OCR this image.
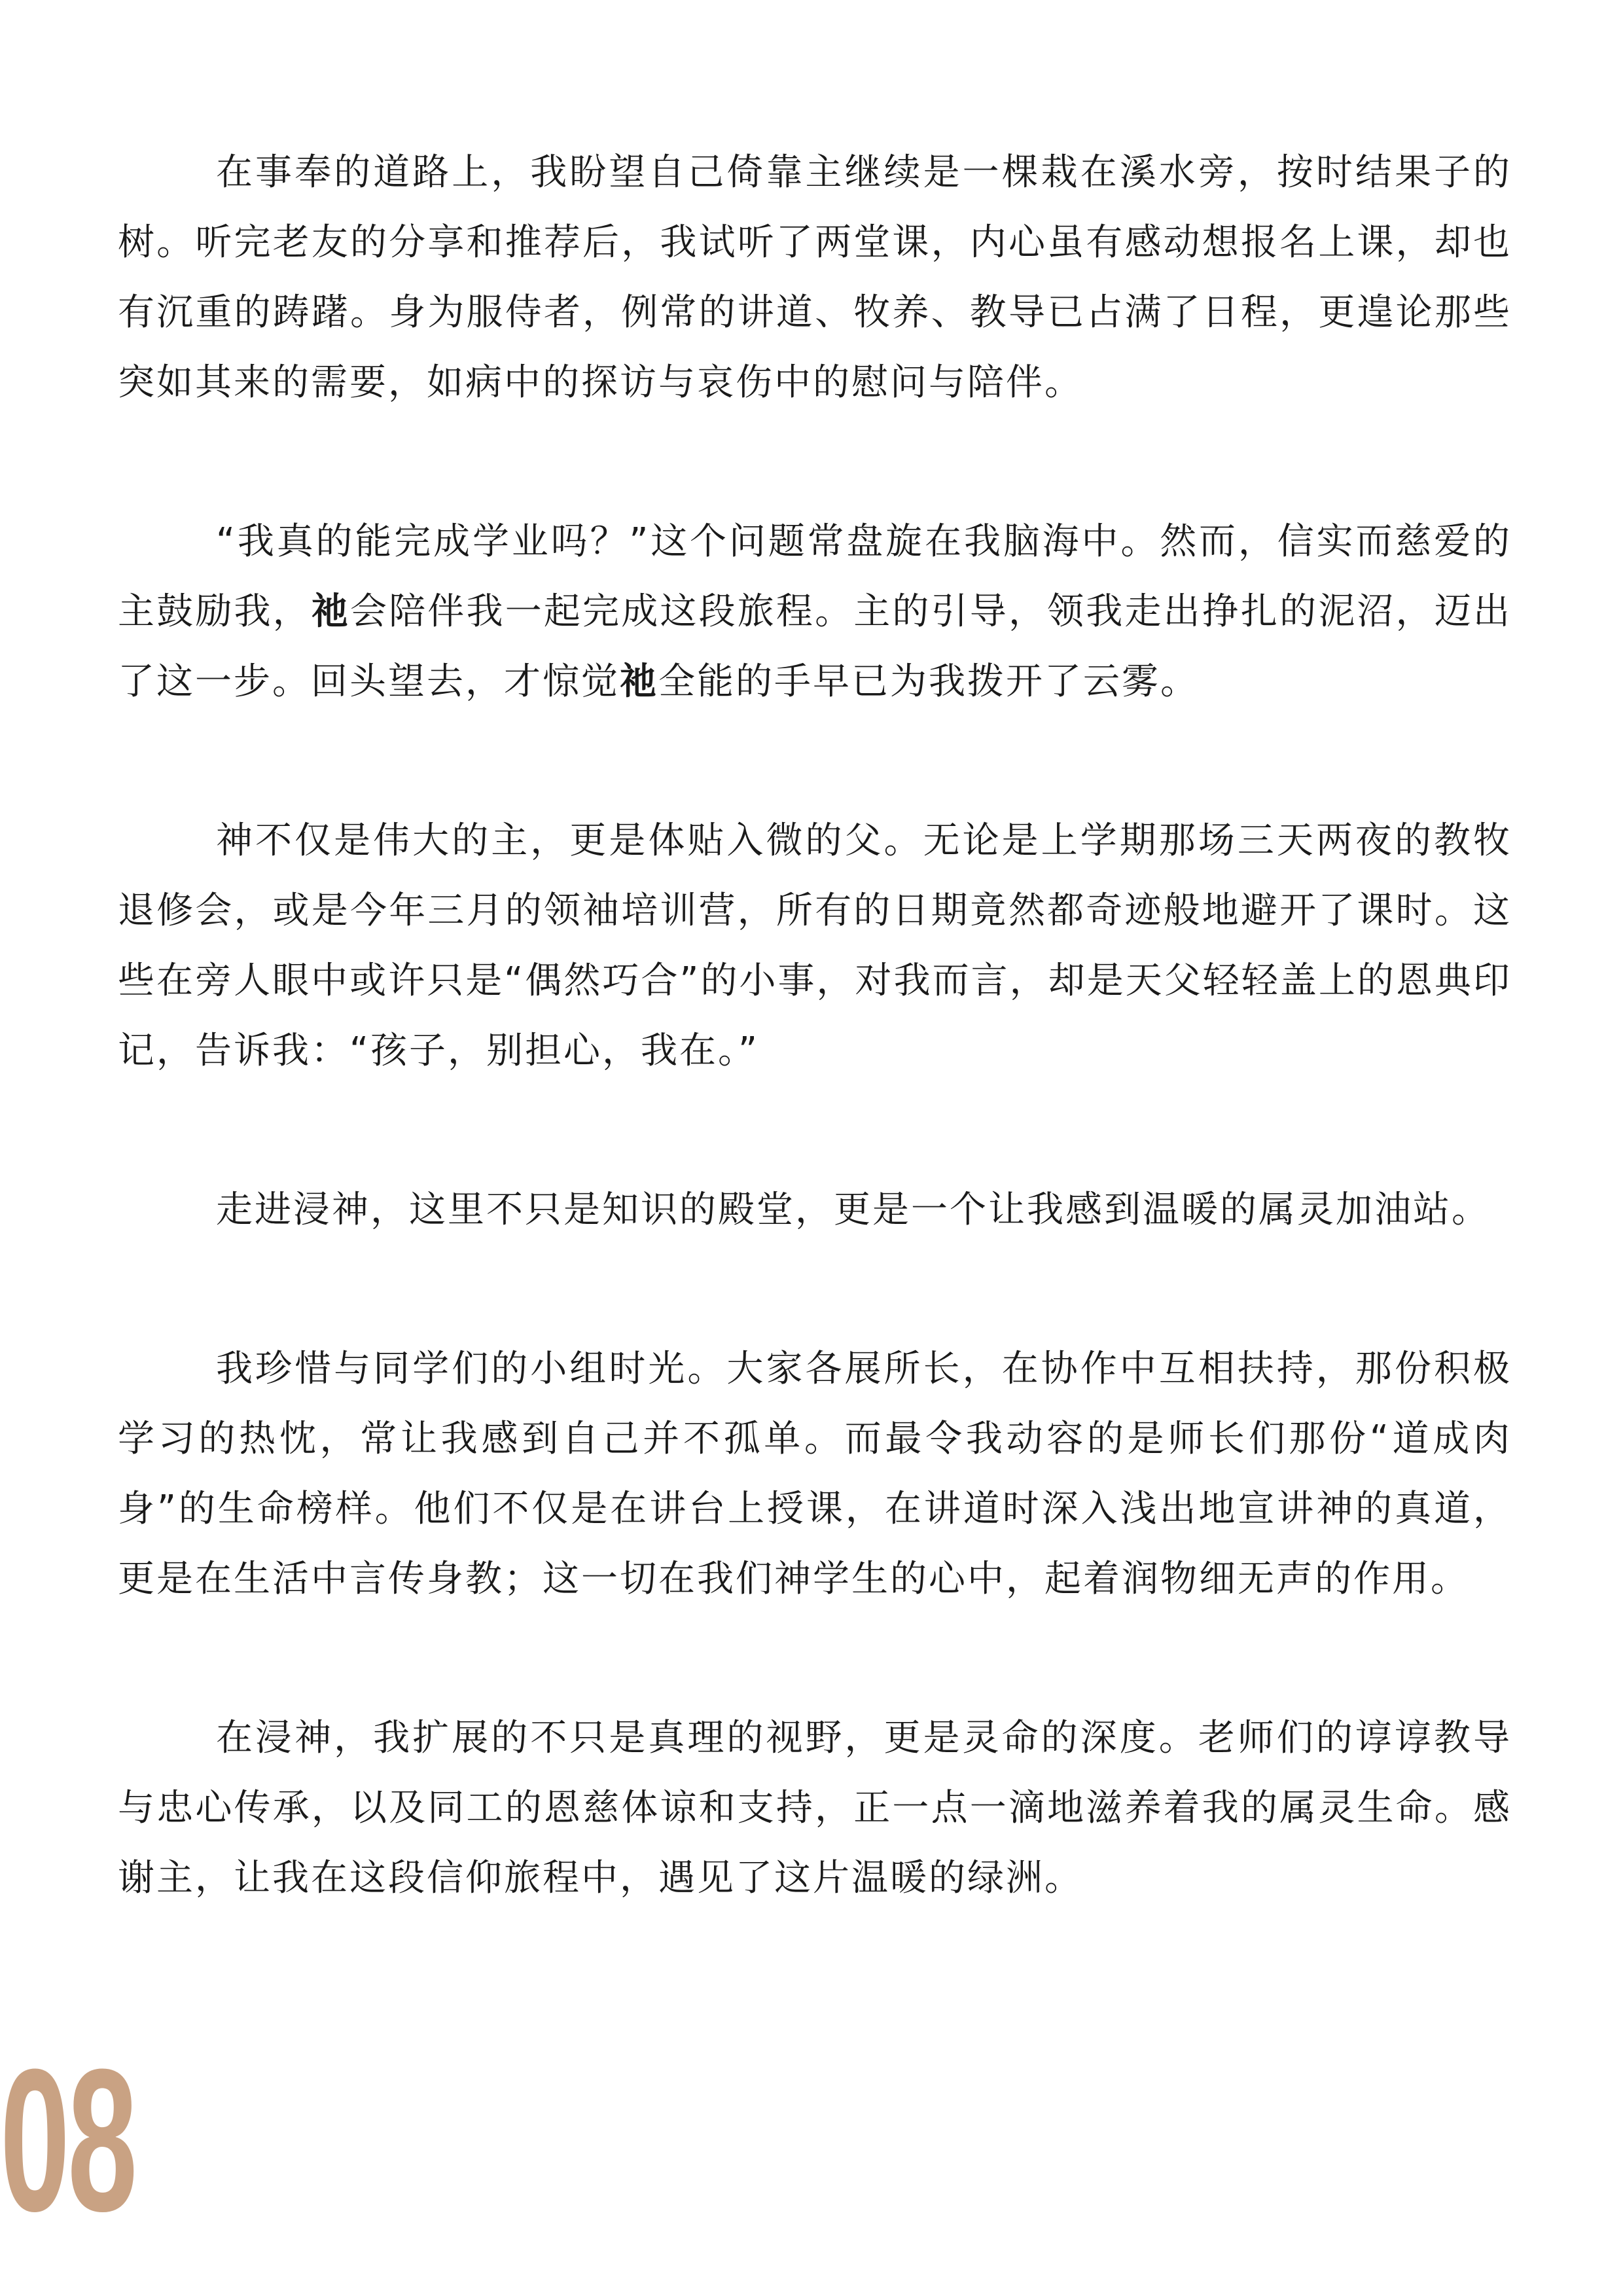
在事奉的道路上，我盼望自己倚靠主继续是一棵栽在溪水旁，按时结果子的树。听完老友的分享和推荐后，我试听了两堂课，内心虽有感动想报名上课，却也有沉重的踌躇。身为服侍者，例常的讲道、牧养、教导已占满了日程，更遑论那些突如其来的需要，如病中的探访与哀伤中的慰问与陪伴。

“我真的能完成学业吗？”这个问题常盘旋在我脑海中。然而，信实而慈爱的主鼓励我，祂会陪伴我一起完成这段旅程。主的引导，领我走出挣扎的泥沼，迈出了这一步。回头望去，才惊觉祂全能的手早已为我拨开了云雾。

神不仅是伟大的主，更是体贴入微的父。无论是上学期那场三天两夜的教牧退修会，或是今年三月的领袖培训营，所有的日期竟然都奇迹般地避开了课时。这些在旁人眼中或许只是“偶然巧合”的小事，对我而言，却是天父轻轻盖上的恩典印记，告诉我：“孩子，别担心，我在。”

走进浸神，这里不只是知识的殿堂，更是一个让我感到温暖的属灵加油站。

我珍惜与同学们的小组时光。大家各展所长，在协作中互相扶持，那份积极学习的热忱，常让我感到自己并不孤单。而最令我动容的是师长们那份“道成肉身”的生命榜样。他们不仅是在讲台上授课，在讲道时深入浅出地宣讲神的真道，更是在生活中言传身教；这一切在我们神学生的心中，起着润物细无声的作用。

在浸神，我扩展的不只是真理的视野，更是灵命的深度。老师们的谆谆教导与忠心传承，以及同工的恩慈体谅和支持，正一点一滴地滋养着我的属灵生命。感谢主，让我在这段信仰旅程中，遇见了这片温暖的绿洲。

08
